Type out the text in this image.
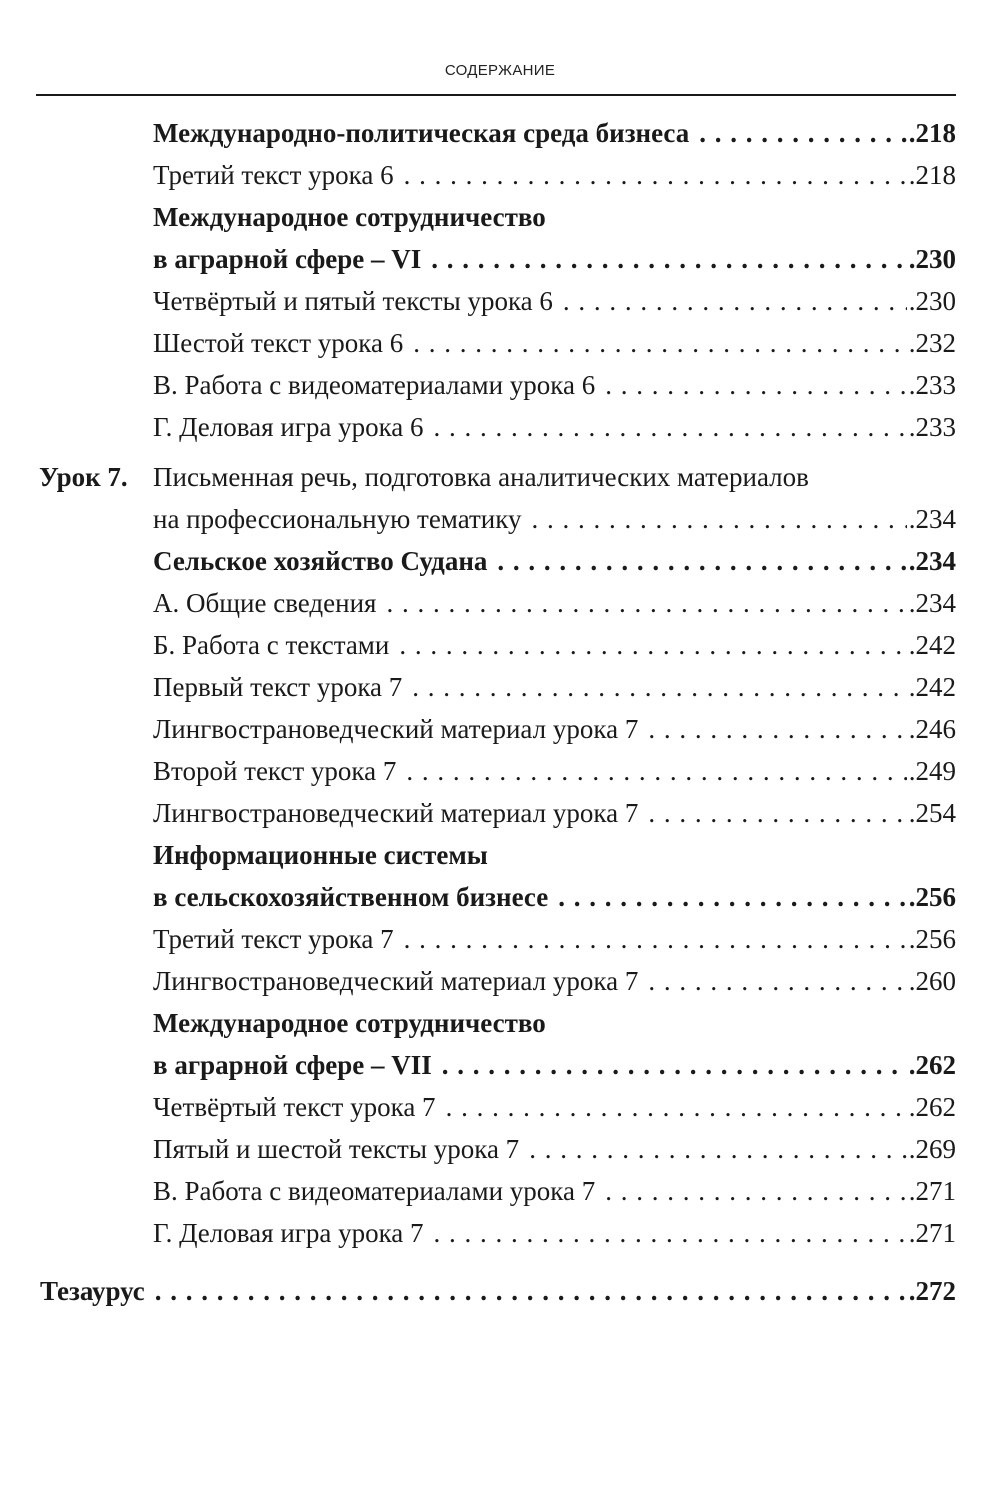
СОДЕРЖАНИЕ
Международно-политическая среда бизнеса . . .	.218
Третий текст урока 6 . . .	.218
Международное сотрудничество
в аграрной сфере – VI . . .	.230
Четвёртый и пятый тексты урока 6 . . .	.230
Шестой текст урока 6 . . .	.232
В. Работа с видеоматериалами урока 6 . . .	.233
Г. Деловая игра урока 6 . . .	.233
Урок 7. Письменная речь, подготовка аналитических материалов
на профессиональную тематику . . .	.234
Сельское хозяйство Судана . . .	.234
А. Общие сведения . . .	.234
Б. Работа с текстами . . .	.242
Первый текст урока 7 . . .	.242
Лингвострановедческий материал урока 7 . . .	.246
Второй текст урока 7 . . .	.249
Лингвострановедческий материал урока 7 . . .	.254
Информационные системы
в сельскохозяйственном бизнесе . . .	.256
Третий текст урока 7 . . .	.256
Лингвострановедческий материал урока 7 . . .	.260
Международное сотрудничество
в аграрной сфере – VII . . .	.262
Четвёртый текст урока 7 . . .	.262
Пятый и шестой тексты урока 7 . . .	.269
В. Работа с видеоматериалами урока 7 . . .	.271
Г. Деловая игра урока 7 . . .	.271
Тезаурус . . .	.272
